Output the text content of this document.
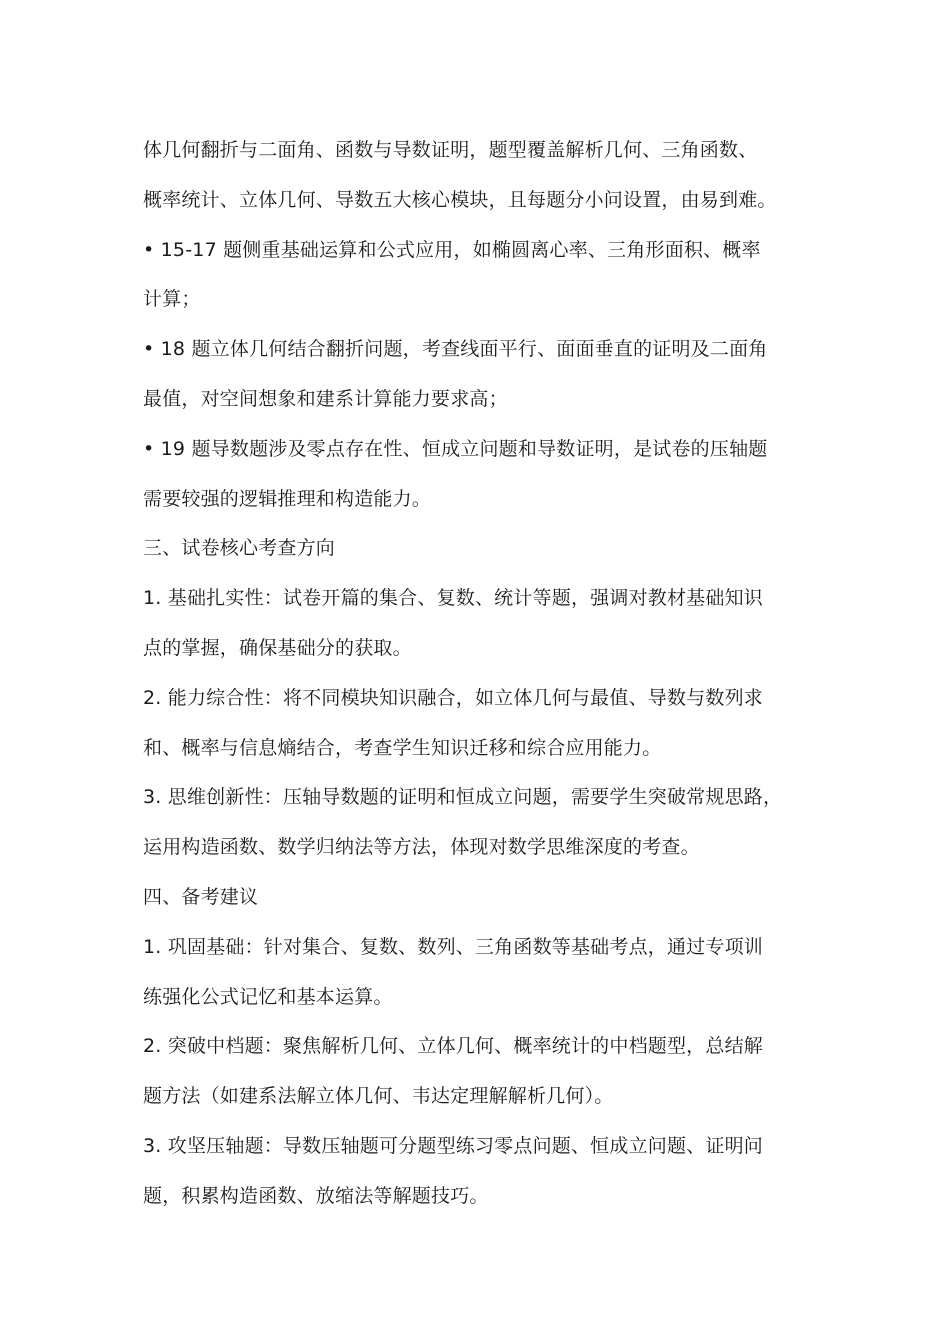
体几何翻折与二面角、函数与导数证明，题型覆盖解析几何、三角函数、
概率统计、立体几何、导数五大核心模块，且每题分小问设置，由易到难。
• 15-17 题侧重基础运算和公式应用，如椭圆离心率、三角形面积、概率
计算；
• 18 题立体几何结合翻折问题，考查线面平行、面面垂直的证明及二面角
最值，对空间想象和建系计算能力要求高；
• 19 题导数题涉及零点存在性、恒成立问题和导数证明，是试卷的压轴题
需要较强的逻辑推理和构造能力。
三、试卷核心考查方向
1. 基础扎实性：试卷开篇的集合、复数、统计等题，强调对教材基础知识
点的掌握，确保基础分的获取。
2. 能力综合性：将不同模块知识融合，如立体几何与最值、导数与数列求
和、概率与信息熵结合，考查学生知识迁移和综合应用能力。
3. 思维创新性：压轴导数题的证明和恒成立问题，需要学生突破常规思路，
运用构造函数、数学归纳法等方法，体现对数学思维深度的考查。
四、备考建议
1. 巩固基础：针对集合、复数、数列、三角函数等基础考点，通过专项训
练强化公式记忆和基本运算。
2. 突破中档题：聚焦解析几何、立体几何、概率统计的中档题型，总结解
题方法（如建系法解立体几何、韦达定理解解析几何）。
3. 攻坚压轴题：导数压轴题可分题型练习零点问题、恒成立问题、证明问
题，积累构造函数、放缩法等解题技巧。
